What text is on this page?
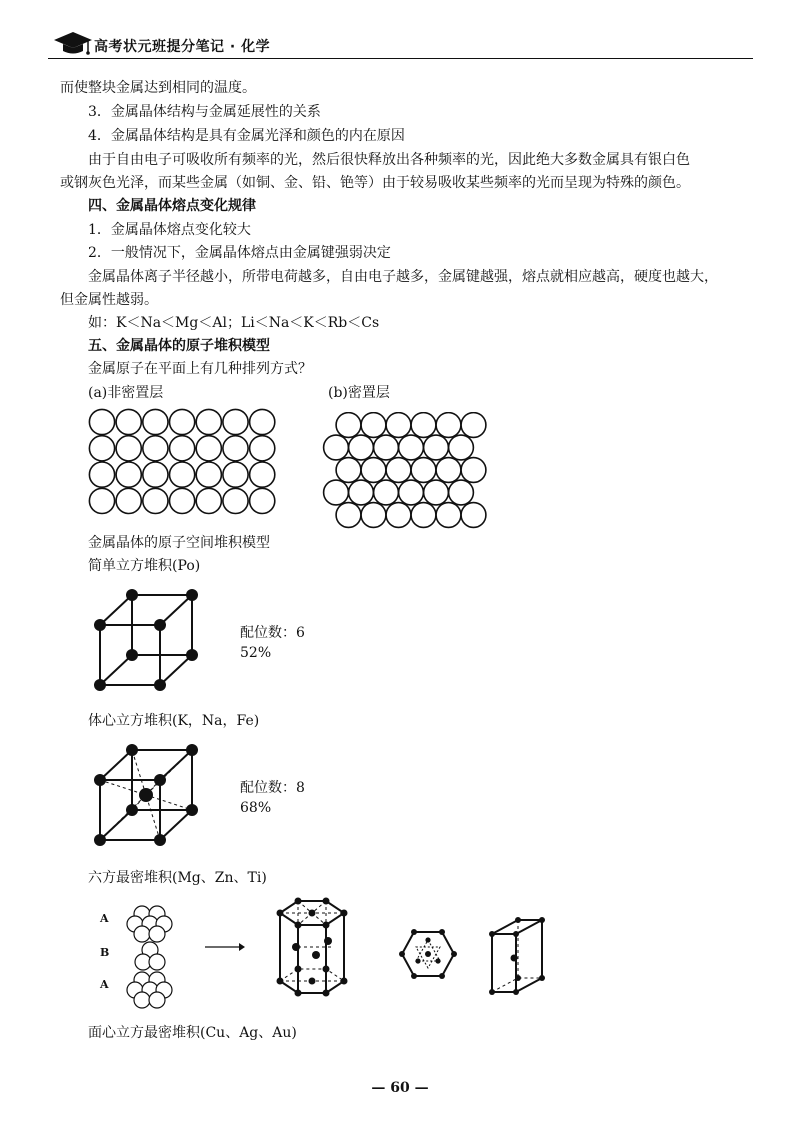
高考状元班提分笔记 · 化学
而使整块金属达到相同的温度。
3．金属晶体结构与金属延展性的关系
4．金属晶体结构是具有金属光泽和颜色的内在原因
由于自由电子可吸收所有频率的光，然后很快释放出各种频率的光，因此绝大多数金属具有银白色
或钢灰色光泽，而某些金属（如铜、金、铅、铯等）由于较易吸收某些频率的光而呈现为特殊的颜色。
四、金属晶体熔点变化规律
1．金属晶体熔点变化较大
2．一般情况下，金属晶体熔点由金属键强弱决定
金属晶体离子半径越小，所带电荷越多，自由电子越多，金属键越强，熔点就相应越高，硬度也越大，
但金属性越弱。
如：K＜Na＜Mg＜Al；Li＜Na＜K＜Rb＜Cs
五、金属晶体的原子堆积模型
金属原子在平面上有几种排列方式？
(a)非密置层	(b)密置层
金属晶体的原子空间堆积模型
简单立方堆积(Po)
配位数：6
52%
体心立方堆积(K，Na，Fe)
配位数：8
68%
六方最密堆积(Mg、Zn、Ti)
A
B
A
面心立方最密堆积(Cu、Ag、Au)
— 60 —
